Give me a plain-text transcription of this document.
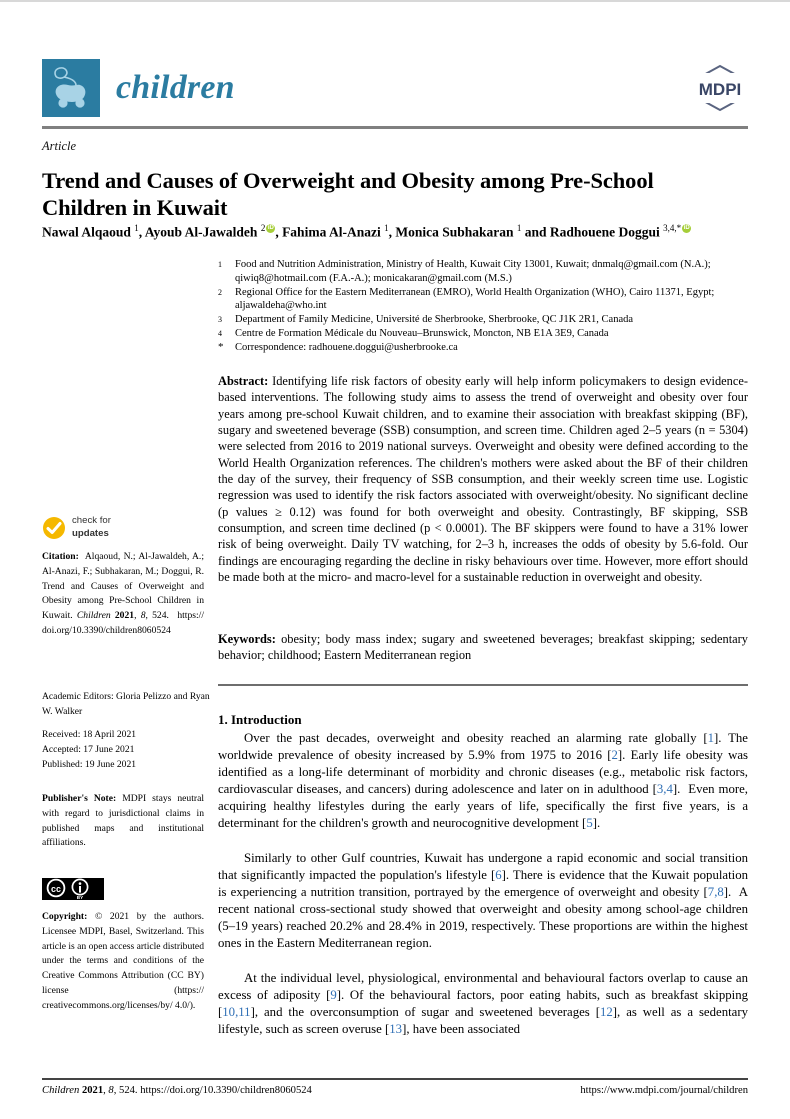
children	MDPI
Article
Trend and Causes of Overweight and Obesity among Pre-School Children in Kuwait
Nawal Alqaoud $^1$, Ayoub Al-Jawaldeh $^2$ iD , Fahima Al-Anazi $^1$, Monica Subhakaran $^1$ and Radhouene Doggui $^{3,4,*}$iD
1	Food and Nutrition Administration, Ministry of Health, Kuwait City 13001, Kuwait; dnmalq@gmail.com (N.A.); qiwiq8@hotmail.com (F.A.-A.); monicakaran@gmail.com (M.S.)
2	Regional Office for the Eastern Mediterranean (EMRO), World Health Organization (WHO), Cairo 11371, Egypt; aljawaldeha@who.int
3	Department of Family Medicine, Université de Sherbrooke, Sherbrooke, QC J1K 2R1, Canada
4	Centre de Formation Médicale du Nouveau–Brunswick, Moncton, NB E1A 3E9, Canada
*	Correspondence: radhouene.doggui@usherbrooke.ca
Abstract: Identifying life risk factors of obesity early will help inform policymakers to design evidence-based interventions. The following study aims to assess the trend of overweight and obesity over four years among pre-school Kuwait children, and to examine their association with breakfast skipping (BF), sugary and sweetened beverage (SSB) consumption, and screen time. Children aged 2–5 years (n = 5304) were selected from 2016 to 2019 national surveys. Overweight and obesity were defined according to the World Health Organization references. The children's mothers were asked about the BF of their children the day of the survey, their frequency of SSB consumption, and their weekly screen time use. Logistic regression was used to identify the risk factors associated with overweight/obesity. No significant decline (p values ≥ 0.12) was found for both overweight and obesity. Contrastingly, BF skipping, SSB consumption, and screen time declined (p < 0.0001). The BF skippers were found to have a 31% lower risk of being overweight. Daily TV watching, for 2–3 h, increases the odds of obesity by 5.6-fold. Our findings are encouraging regarding the decline in risky behaviours over time. However, more effort should be made both at the micro- and macro-level for a sustainable reduction in overweight and obesity.
Keywords: obesity; body mass index; sugary and sweetened beverages; breakfast skipping; sedentary behavior; childhood; Eastern Mediterranean region
1. Introduction
Over the past decades, overweight and obesity reached an alarming rate globally [1]. The worldwide prevalence of obesity increased by 5.9% from 1975 to 2016 [2]. Early life obesity was identified as a long-life determinant of morbidity and chronic diseases (e.g., metabolic risk factors, cardiovascular diseases, and cancers) during adolescence and later on in adulthood [3,4].  Even more, acquiring healthy lifestyles during the early years of life, specifically the first five years, is a determinant for the children's growth and neurocognitive development [5].
Similarly to other Gulf countries, Kuwait has undergone a rapid economic and social transition that significantly impacted the population's lifestyle [6]. There is evidence that the Kuwait population is experiencing a nutrition transition, portrayed by the emergence of overweight and obesity [7,8].  A recent national cross-sectional study showed that overweight and obesity among school-age children (5–19 years) reached 20.2% and 28.4% in 2019, respectively. These proportions are within the highest ones in the Eastern Mediterranean region.
At the individual level, physiological, environmental and behavioural factors overlap to cause an excess of adiposity [9]. Of the behavioural factors, poor eating habits, such as breakfast skipping [10,11], and the overconsumption of sugar and sweetened beverages [12], as well as a sedentary lifestyle, such as screen overuse [13], have been associated
check for
updates
Citation:  Alqaoud, N.; Al-Jawaldeh, A.; Al-Anazi, F.; Subhakaran, M.; Doggui, R. Trend and Causes of Overweight and Obesity among Pre-School Children in Kuwait. Children 2021, 8, 524.  https:// doi.org/10.3390/children8060524
Academic Editors: Gloria Pelizzo and Ryan W. Walker
Received: 18 April 2021
Accepted: 17 June 2021
Published: 19 June 2021
Publisher's Note: MDPI stays neutral with regard to jurisdictional claims in published maps and institutional affiliations.
cc
BY
Copyright: © 2021 by the authors. Licensee MDPI, Basel, Switzerland. This article is an open access article distributed under the terms and conditions of the Creative Commons Attribution (CC BY) license (https:// creativecommons.org/licenses/by/ 4.0/).
Children 2021, 8, 524. https://doi.org/10.3390/children8060524	https://www.mdpi.com/journal/children
